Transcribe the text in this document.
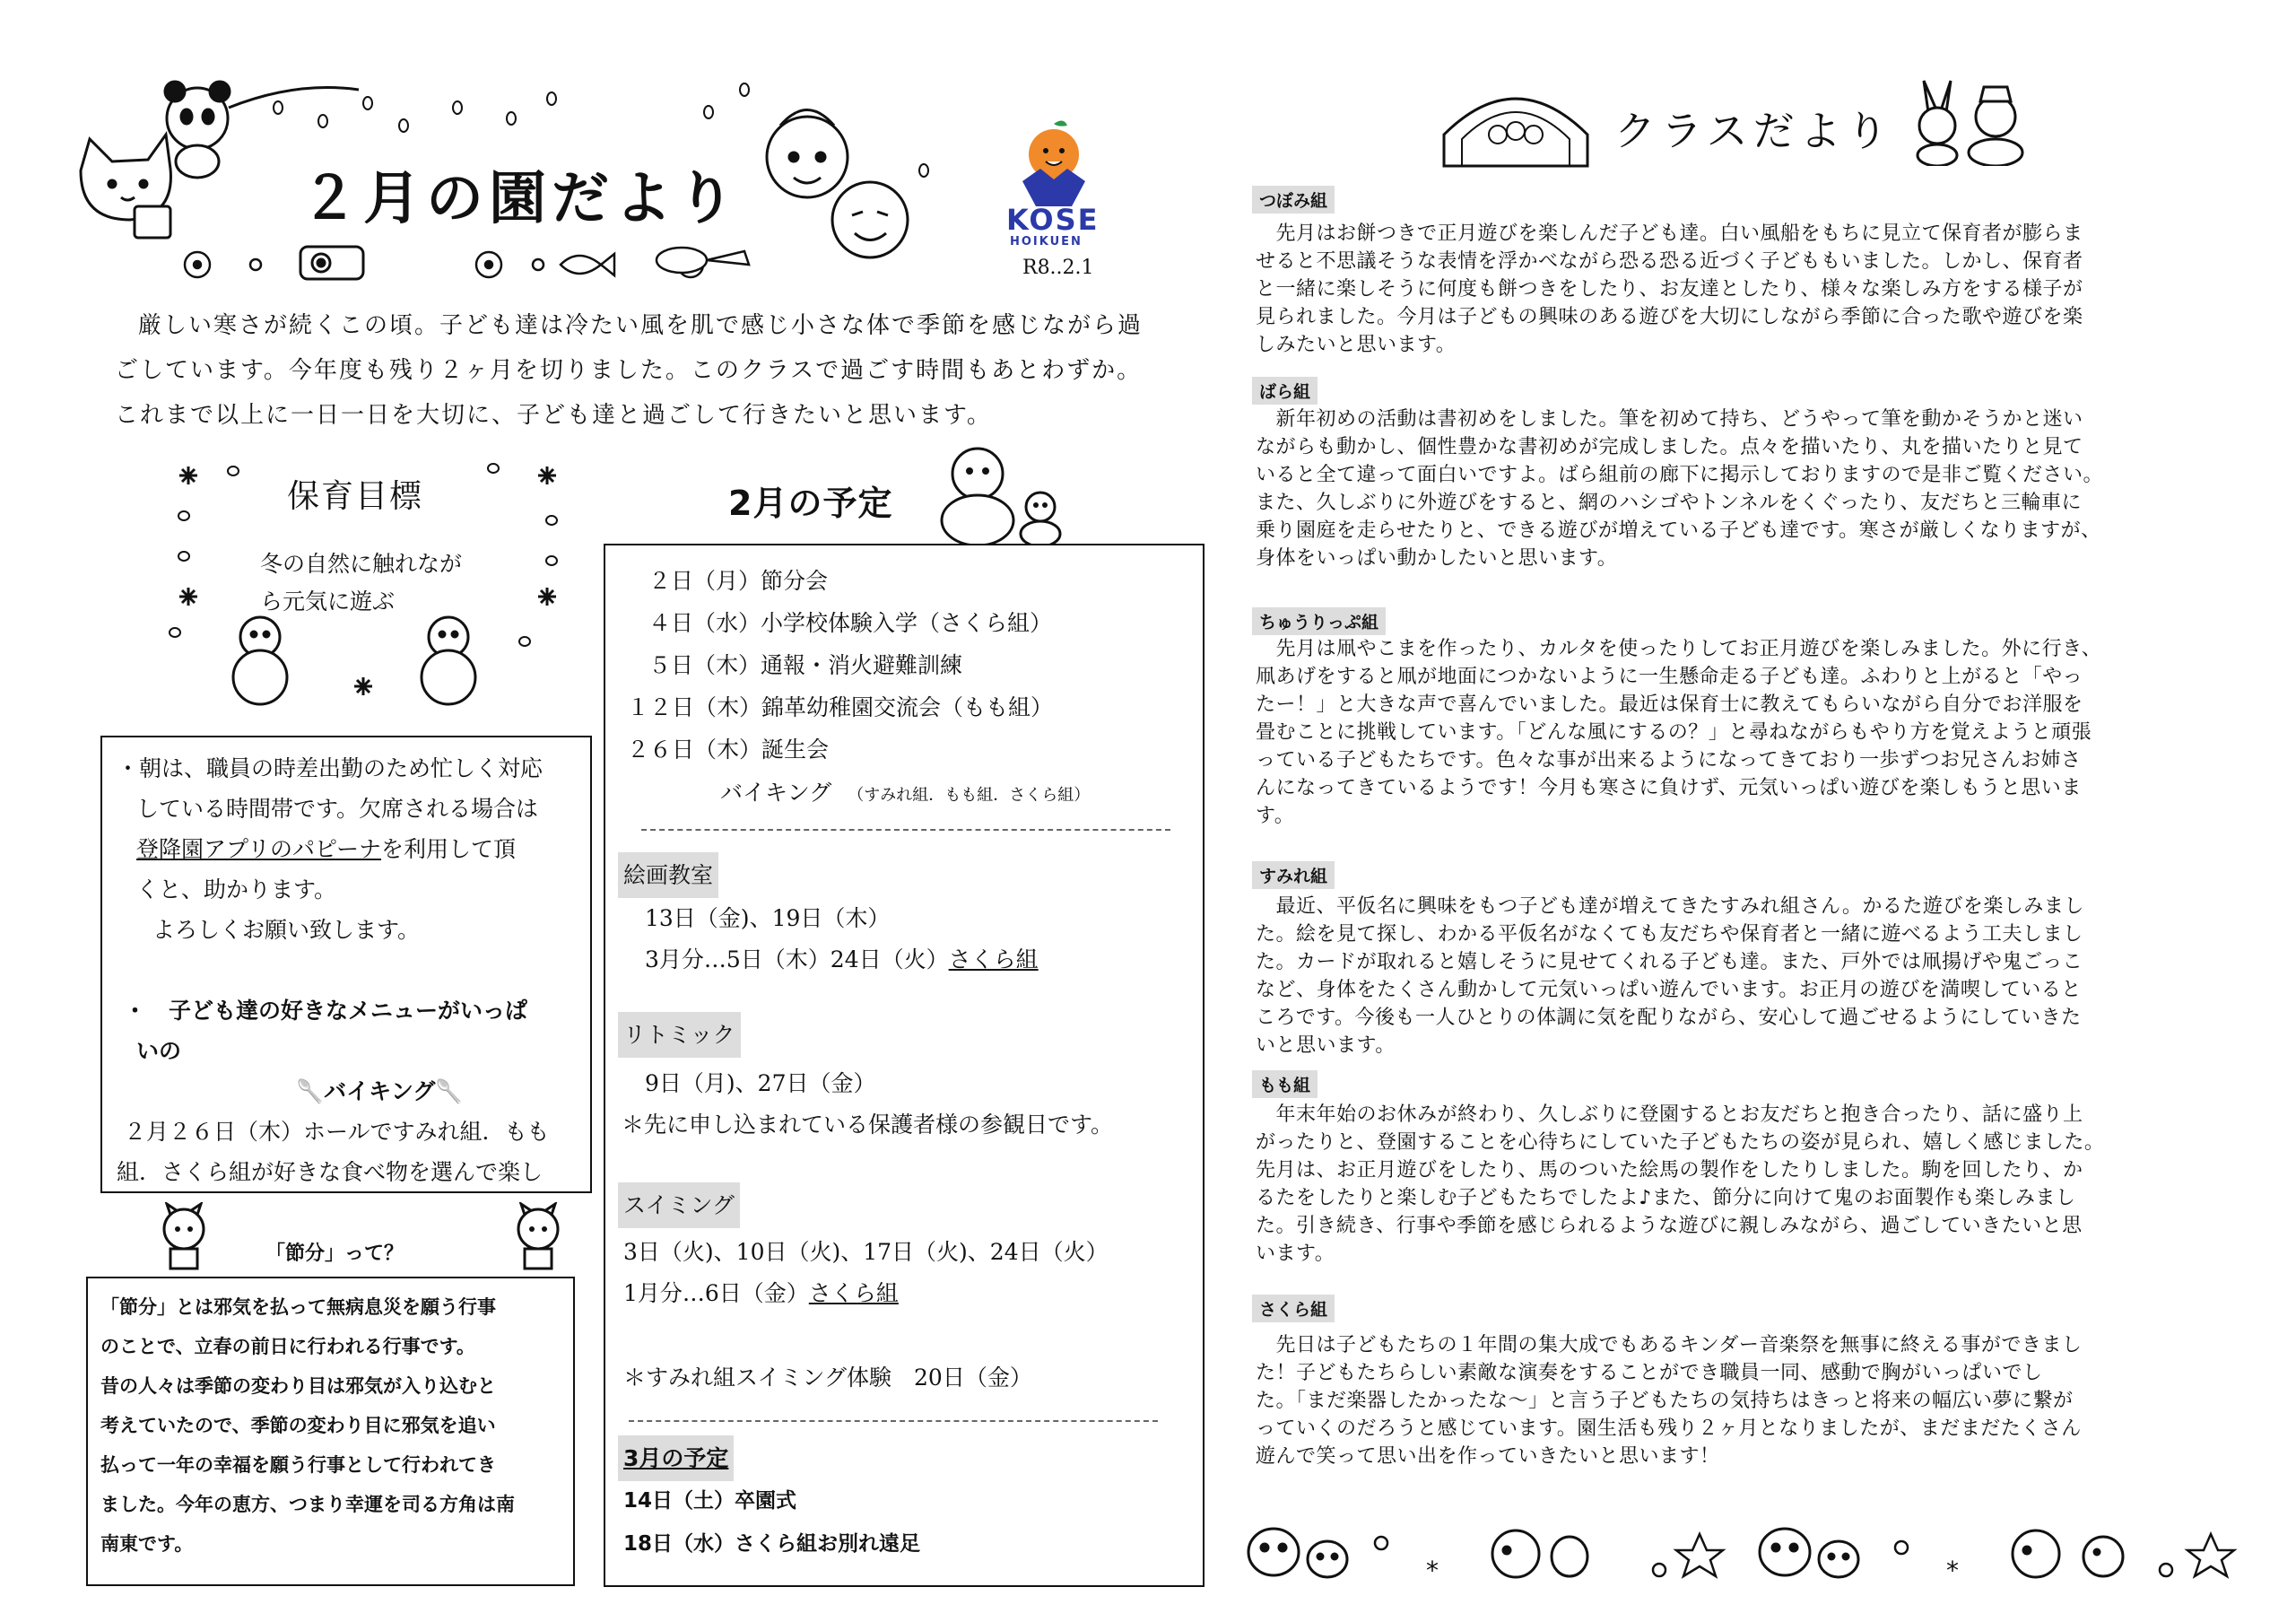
２月の園だより	KOSE
HOIKUEN
R8..2.1
厳しい寒さが続くこの頃。子ども達は冷たい風を肌で感じ小さな体で季節を感じながら過
ごしています。今年度も残り２ヶ月を切りました。このクラスで過ごす時間もあとわずか。
これまで以上に一日一日を大切に、子ども達と過ごして行きたいと思います。
保育目標
冬の自然に触れなが
ら元気に遊ぶ
・朝は、職員の時差出勤のため忙しく対応
している時間帯です。欠席される場合は
登降園アプリのパピーナを利用して頂
くと、助かります。
よろしくお願い致します。
・　子ども達の好きなメニューがいっぱ
いの
🥄バイキング🥄
２月２６日（木）ホールですみれ組．もも
組．さくら組が好きな食べ物を選んで楽し
「節分」って？
「節分」とは邪気を払って無病息災を願う行事
のことで、立春の前日に行われる行事です。
昔の人々は季節の変わり目は邪気が入り込むと
考えていたので、季節の変わり目に邪気を追い
払って一年の幸福を願う行事として行われてき
ました。今年の恵方、つまり幸運を司る方角は南
南東です。
2月の予定
２日（月）節分会
４日（水）小学校体験入学（さくら組）
５日（木）通報・消火避難訓練
１２日（木）錦革幼稚園交流会（もも組）
２６日（木）誕生会
バイキング （すみれ組．もも組．さくら組）
絵画教室
13日（金)、19日（木）
3月分…5日（木）24日（火）さくら組
リトミック
9日（月)、27日（金）
＊先に申し込まれている保護者様の参観日です。
スイミング
3日（火)、10日（火)、17日（火)、24日（火）
1月分…6日（金）さくら組
＊すみれ組スイミング体験　20日（金）
3月の予定
14日（土）卒園式
18日（水）さくら組お別れ遠足
クラスだより
つぼみ組
　先月はお餅つきで正月遊びを楽しんだ子ども達。白い風船をもちに見立て保育者が膨らま
せると不思議そうな表情を浮かべながら恐る恐る近づく子どももいました。しかし、保育者
と一緒に楽しそうに何度も餅つきをしたり、お友達としたり、様々な楽しみ方をする様子が
見られました。今月は子どもの興味のある遊びを大切にしながら季節に合った歌や遊びを楽
しみたいと思います。
ばら組
　新年初めの活動は書初めをしました。筆を初めて持ち、どうやって筆を動かそうかと迷い
ながらも動かし、個性豊かな書初めが完成しました。点々を描いたり、丸を描いたりと見て
いると全て違って面白いですよ。ばら組前の廊下に掲示しておりますので是非ご覧ください。
また、久しぶりに外遊びをすると、網のハシゴやトンネルをくぐったり、友だちと三輪車に
乗り園庭を走らせたりと、できる遊びが増えている子ども達です。寒さが厳しくなりますが、
身体をいっぱい動かしたいと思います。
ちゅうりっぷ組
　先月は凧やこまを作ったり、カルタを使ったりしてお正月遊びを楽しみました。外に行き、
凧あげをすると凧が地面につかないように一生懸命走る子ども達。ふわりと上がると「やっ
たー！」と大きな声で喜んでいました。最近は保育士に教えてもらいながら自分でお洋服を
畳むことに挑戦しています。「どんな風にするの？」と尋ねながらもやり方を覚えようと頑張
っている子どもたちです。色々な事が出来るようになってきており一歩ずつお兄さんお姉さ
んになってきているようです！今月も寒さに負けず、元気いっぱい遊びを楽しもうと思いま
す。
すみれ組
　最近、平仮名に興味をもつ子ども達が増えてきたすみれ組さん。かるた遊びを楽しみまし
た。絵を見て探し、わかる平仮名がなくても友だちや保育者と一緒に遊べるよう工夫しまし
た。カードが取れると嬉しそうに見せてくれる子ども達。また、戸外では凧揚げや鬼ごっこ
など、身体をたくさん動かして元気いっぱい遊んでいます。お正月の遊びを満喫していると
ころです。今後も一人ひとりの体調に気を配りながら、安心して過ごせるようにしていきた
いと思います。
もも組
　年末年始のお休みが終わり、久しぶりに登園するとお友だちと抱き合ったり、話に盛り上
がったりと、登園することを心待ちにしていた子どもたちの姿が見られ、嬉しく感じました。
先月は、お正月遊びをしたり、馬のついた絵馬の製作をしたりしました。駒を回したり、か
るたをしたりと楽しむ子どもたちでしたよ♪また、節分に向けて鬼のお面製作も楽しみまし
た。引き続き、行事や季節を感じられるような遊びに親しみながら、過ごしていきたいと思
います。
さくら組
　先日は子どもたちの１年間の集大成でもあるキンダー音楽祭を無事に終える事ができまし
た！子どもたちらしい素敵な演奏をすることができ職員一同、感動で胸がいっぱいでし
た。「まだ楽器したかったな～」と言う子どもたちの気持ちはきっと将来の幅広い夢に繋が
っていくのだろうと感じています。園生活も残り２ヶ月となりましたが、まだまだたくさん
遊んで笑って思い出を作っていきたいと思います！
*	*
